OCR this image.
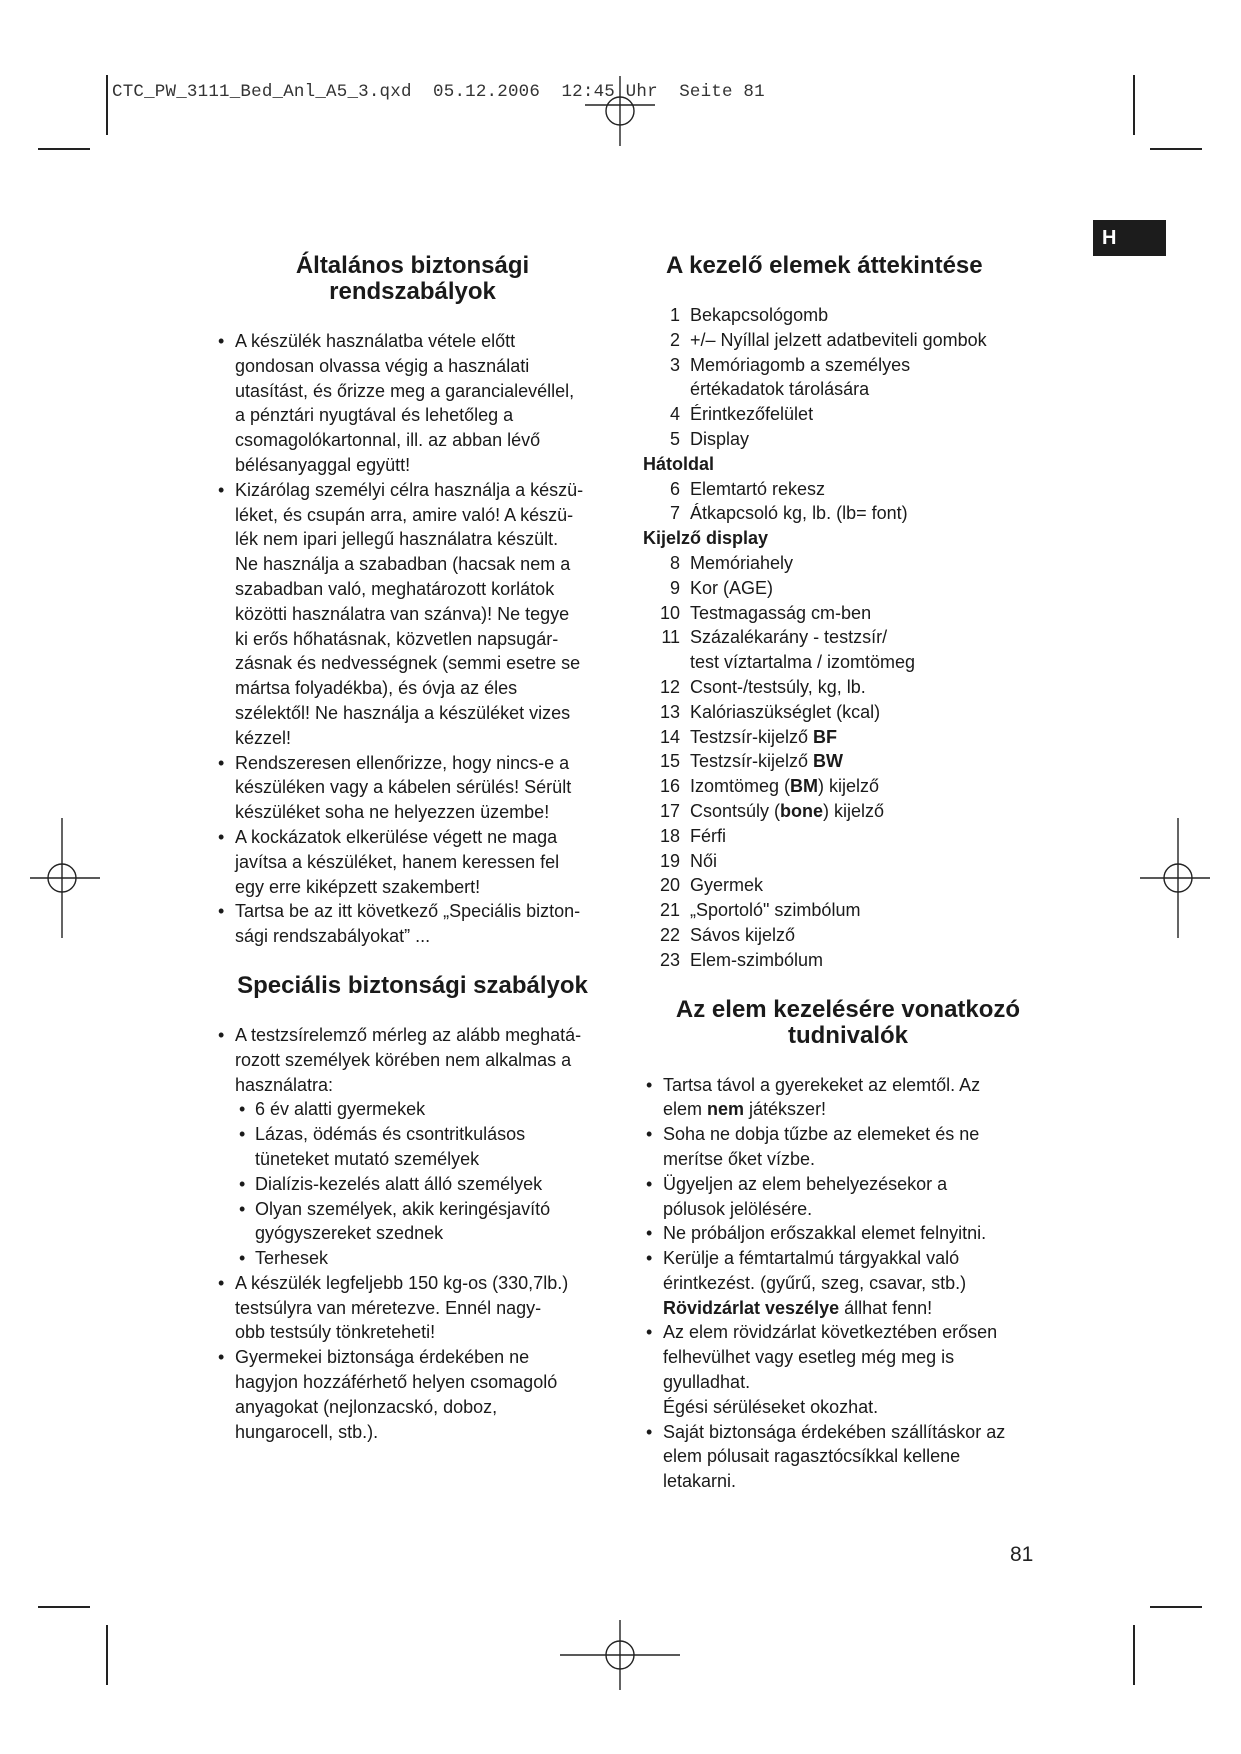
CTC_PW_3111_Bed_Anl_A5_3.qxd  05.12.2006  12:45 Uhr  Seite 81
H
Általános biztonsági
rendszabályok
• A készülék használatba vétele előtt
gondosan olvassa végig a használati
utasítást, és őrizze meg a garancialevéllel,
a pénztári nyugtával és lehetőleg a
csomagolókartonnal, ill. az abban lévő
bélésanyaggal együtt!
• Kizárólag személyi célra használja a készü-
léket, és csupán arra, amire való! A készü-
lék nem ipari jellegű használatra készült.
Ne használja a szabadban (hacsak nem a
szabadban való, meghatározott korlátok
közötti használatra van szánva)! Ne tegye
ki erős hőhatásnak, közvetlen napsugár-
zásnak és nedvességnek (semmi esetre se
mártsa folyadékba), és óvja az éles
szélektől! Ne használja a készüléket vizes
kézzel!
• Rendszeresen ellenőrizze, hogy nincs-e a
készüléken vagy a kábelen sérülés! Sérült
készüléket soha ne helyezzen üzembe!
• A kockázatok elkerülése végett ne maga
javítsa a készüléket, hanem keressen fel
egy erre kiképzett szakembert!
• Tartsa be az itt következő „Speciális bizton-
sági rendszabályokat” ...
Speciális biztonsági szabályok
• A testzsírelemző mérleg az alább meghatá-
rozott személyek körében nem alkalmas a
használatra:
• 6 év alatti gyermekek
• Lázas, ödémás és csontritkulásos
tüneteket mutató személyek
• Dialízis-kezelés alatt álló személyek
• Olyan személyek, akik keringésjavító
gyógyszereket szednek
• Terhesek
• A készülék legfeljebb 150 kg-os (330,7lb.)
testsúlyra van méretezve. Ennél nagy-
obb testsúly tönkreteheti!
• Gyermekei biztonsága érdekében ne
hagyjon hozzáférhető helyen csomagoló
anyagokat (nejlonzacskó, doboz,
hungarocell, stb.).
A kezelő elemek áttekintése
1 Bekapcsológomb
2 +/– Nyíllal jelzett adatbeviteli gombok
3 Memóriagomb a személyes
értékadatok tárolására
4 Érintkezőfelület
5 Display
Hátoldal
6 Elemtartó rekesz
7 Átkapcsoló kg, lb. (lb= font)
Kijelző display
8 Memóriahely
9 Kor (AGE)
10 Testmagasság cm-ben
11 Százalékarány - testzsír/
test víztartalma / izomtömeg
12 Csont-/testsúly, kg, lb.
13 Kalóriaszükséglet (kcal)
14 Testzsír-kijelző BF
15 Testzsír-kijelző BW
16 Izomtömeg (BM) kijelző
17 Csontsúly (bone) kijelző
18 Férfi
19 Női
20 Gyermek
21 „Sportoló" szimbólum
22 Sávos kijelző
23 Elem-szimbólum
Az elem kezelésére vonatkozó
tudnivalók
• Tartsa távol a gyerekeket az elemtől. Az
elem nem játékszer!
• Soha ne dobja tűzbe az elemeket és ne
merítse őket vízbe.
• Ügyeljen az elem behelyezésekor a
pólusok jelölésére.
• Ne próbáljon erőszakkal elemet felnyitni.
• Kerülje a fémtartalmú tárgyakkal való
érintkezést. (gyűrű, szeg, csavar, stb.)
Rövidzárlat veszélye állhat fenn!
• Az elem rövidzárlat következtében erősen
felhevülhet vagy esetleg még meg is
gyulladhat.
Égési sérüléseket okozhat.
• Saját biztonsága érdekében szállításkor az
elem pólusait ragasztócsíkkal kellene
letakarni.
81
